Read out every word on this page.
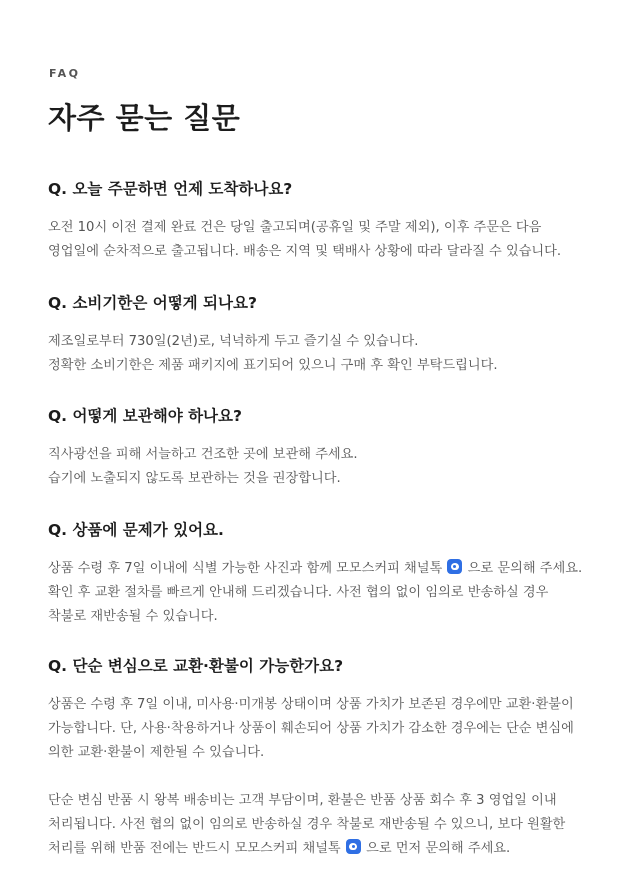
FAQ
자주 묻는 질문
Q. 오늘 주문하면 언제 도착하나요?

오전 10시 이전 결제 완료 건은 당일 출고되며(공휴일 및 주말 제외), 이후 주문은 다음
영업일에 순차적으로 출고됩니다. 배송은 지역 및 택배사 상황에 따라 달라질 수 있습니다.

Q. 소비기한은 어떻게 되나요?

제조일로부터 730일(2년)로, 넉넉하게 두고 즐기실 수 있습니다.
정확한 소비기한은 제품 패키지에 표기되어 있으니 구매 후 확인 부탁드립니다.

Q. 어떻게 보관해야 하나요?

직사광선을 피해 서늘하고 건조한 곳에 보관해 주세요.
습기에 노출되지 않도록 보관하는 것을 권장합니다.

Q. 상품에 문제가 있어요.

상품 수령 후 7일 이내에 식별 가능한 사진과 함께 모모스커피 채널톡 으로 문의해 주세요.
확인 후 교환 절차를 빠르게 안내해 드리겠습니다. 사전 협의 없이 임의로 반송하실 경우
착불로 재반송될 수 있습니다.

Q. 단순 변심으로 교환·환불이 가능한가요?

상품은 수령 후 7일 이내, 미사용·미개봉 상태이며 상품 가치가 보존된 경우에만 교환·환불이
가능합니다. 단, 사용·착용하거나 상품이 훼손되어 상품 가치가 감소한 경우에는 단순 변심에
의한 교환·환불이 제한될 수 있습니다.

단순 변심 반품 시 왕복 배송비는 고객 부담이며, 환불은 반품 상품 회수 후 3 영업일 이내
처리됩니다. 사전 협의 없이 임의로 반송하실 경우 착불로 재반송될 수 있으니, 보다 원활한
처리를 위해 반품 전에는 반드시 모모스커피 채널톡 으로 먼저 문의해 주세요.
